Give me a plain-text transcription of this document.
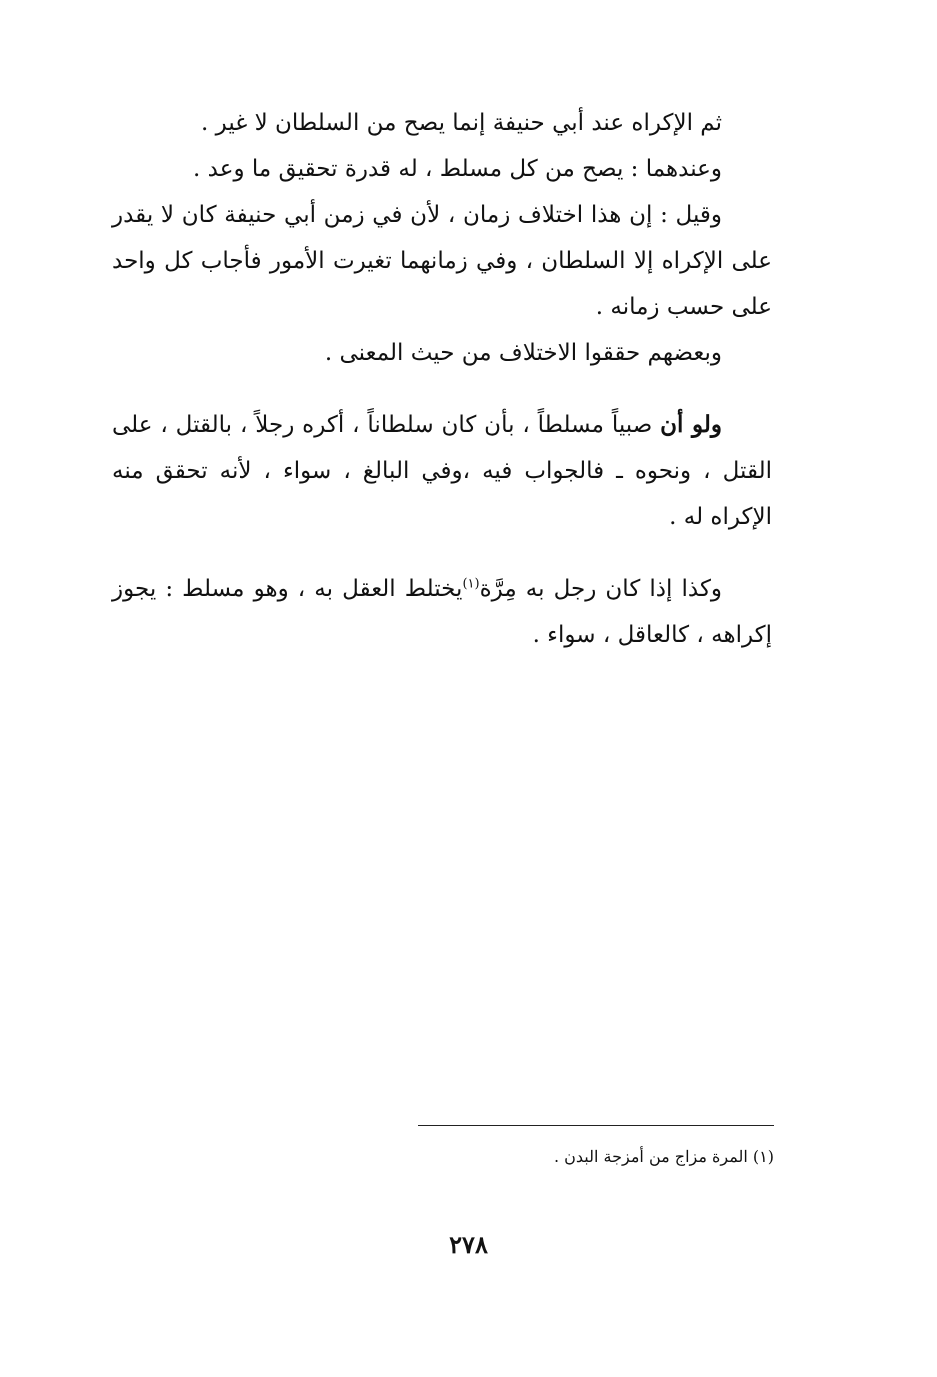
ثم الإكراه عند أبي حنيفة إنما يصح من السلطان لا غير .

وعندهما : يصح من كل مسلط ، له قدرة تحقيق ما وعد .

وقيل : إن هذا اختلاف زمان ، لأن في زمن أبي حنيفة كان لا يقدر على الإكراه إلا السلطان ، وفي زمانهما تغيرت الأمور فأجاب كل واحد على حسب زمانه .

وبعضهم حققوا الاختلاف من حيث المعنى .

ولو أن صبياً مسلطاً ، بأن كان سلطاناً ، أكره رجلاً ، بالقتل ، على القتل ، ونحوه ـ فالجواب فيه ،وفي البالغ ، سواء ، لأنه تحقق منه الإكراه له .

وكذا إذا كان رجل به مِرَّة$^{(١)}$يختلط العقل به ، وهو مسلط : يجوز إكراهه ، كالعاقل ، سواء .

(١) المرة مزاج من أمزجة البدن .
٢٧٨
